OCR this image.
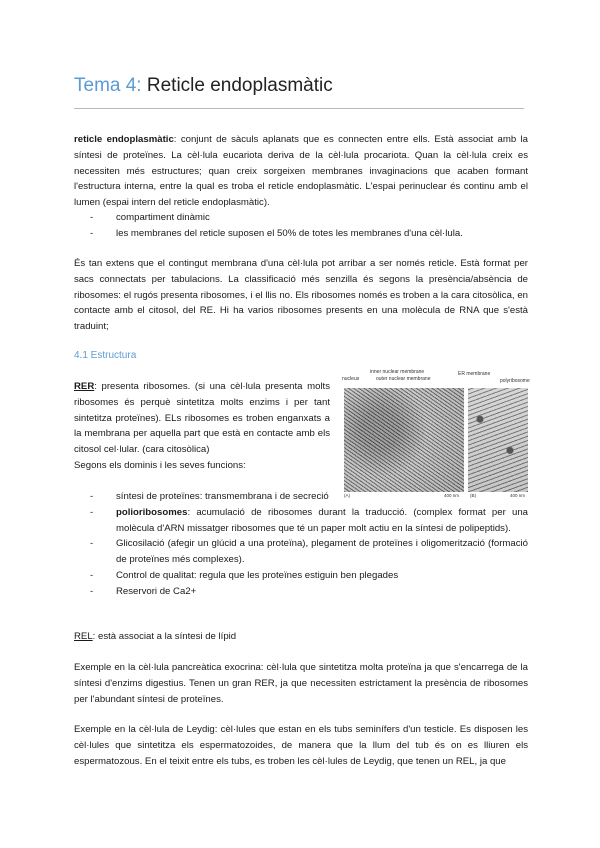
Tema 4: Reticle endoplasmàtic

reticle endoplasmàtic: conjunt de sàculs aplanats que es connecten entre ells. Està associat amb la síntesi de proteïnes. La cèl·lula eucariota deriva de la cèl·lula procariota. Quan la cèl·lula creix es necessiten més estructures; quan creix sorgeixen membranes invaginacions que acaben formant l'estructura interna, entre la qual es troba el reticle endoplasmàtic. L'espai perinuclear és continu amb el lumen (espai intern del reticle endoplasmàtic).

- compartiment dinàmic
- les membranes del reticle suposen el 50% de totes les membranes d'una cèl·lula.

És tan extens que el contingut membrana d'una cèl·lula pot arribar a ser només reticle. Està format per sacs connectats per tabulacions. La classificació més senzilla és segons la presència/absència de ribosomes: el rugós presenta ribosomes, i el llis no. Els ribosomes només es troben a la cara citosòlica, en contacte amb el citosol, del RE. Hi ha varios ribosomes presents en una molècula de RNA que s'està traduint;

4.1 Estructura

RER: presenta ribosomes. (si una cèl·lula presenta molts ribosomes és perquè sintetitza molts enzims i per tant sintetitza proteïnes). ELs ribosomes es troben enganxats a la membrana per aquella part que està en contacte amb els citosol cel·lular. (cara citosòlica)
Segons els dominis i les seves funcions:

inner nuclear membrane
nucleus	outer nuclear membrane
ER membrane
polyribosome
(A)	400 nm (B)	400 nm
- síntesi de proteïnes: transmembrana i de secreció
- polioribosomes: acumulació de ribosomes durant la traducció. (complex format per una molècula d'ARN missatger ribosomes que té un paper molt actiu en la síntesi de polipeptids).
- Glicosilació (afegir un glúcid a una proteïna), plegament de proteïnes i oligomerització (formació de proteïnes més complexes).
- Control de qualitat: regula que les proteïnes estiguin ben plegades
- Reservori de Ca2+

REL: està associat a la síntesi de lípid

Exemple en la cèl·lula pancreàtica exocrina: cèl·lula que sintetitza molta proteïna ja que s'encarrega de la síntesi d'enzims digestius. Tenen un gran RER, ja que necessiten estrictament la presència de ribosomes per l'abundant síntesi de proteïnes.

Exemple en la cèl·lula de Leydig: cèl·lules que estan en els tubs seminífers d'un testicle. Es disposen les cèl·lules que sintetitza els espermatozoides, de manera que la llum del tub és on es lliuren els espermatozous. En el teixit entre els tubs, es troben les cèl·lules de Leydig, que tenen un REL, ja que
